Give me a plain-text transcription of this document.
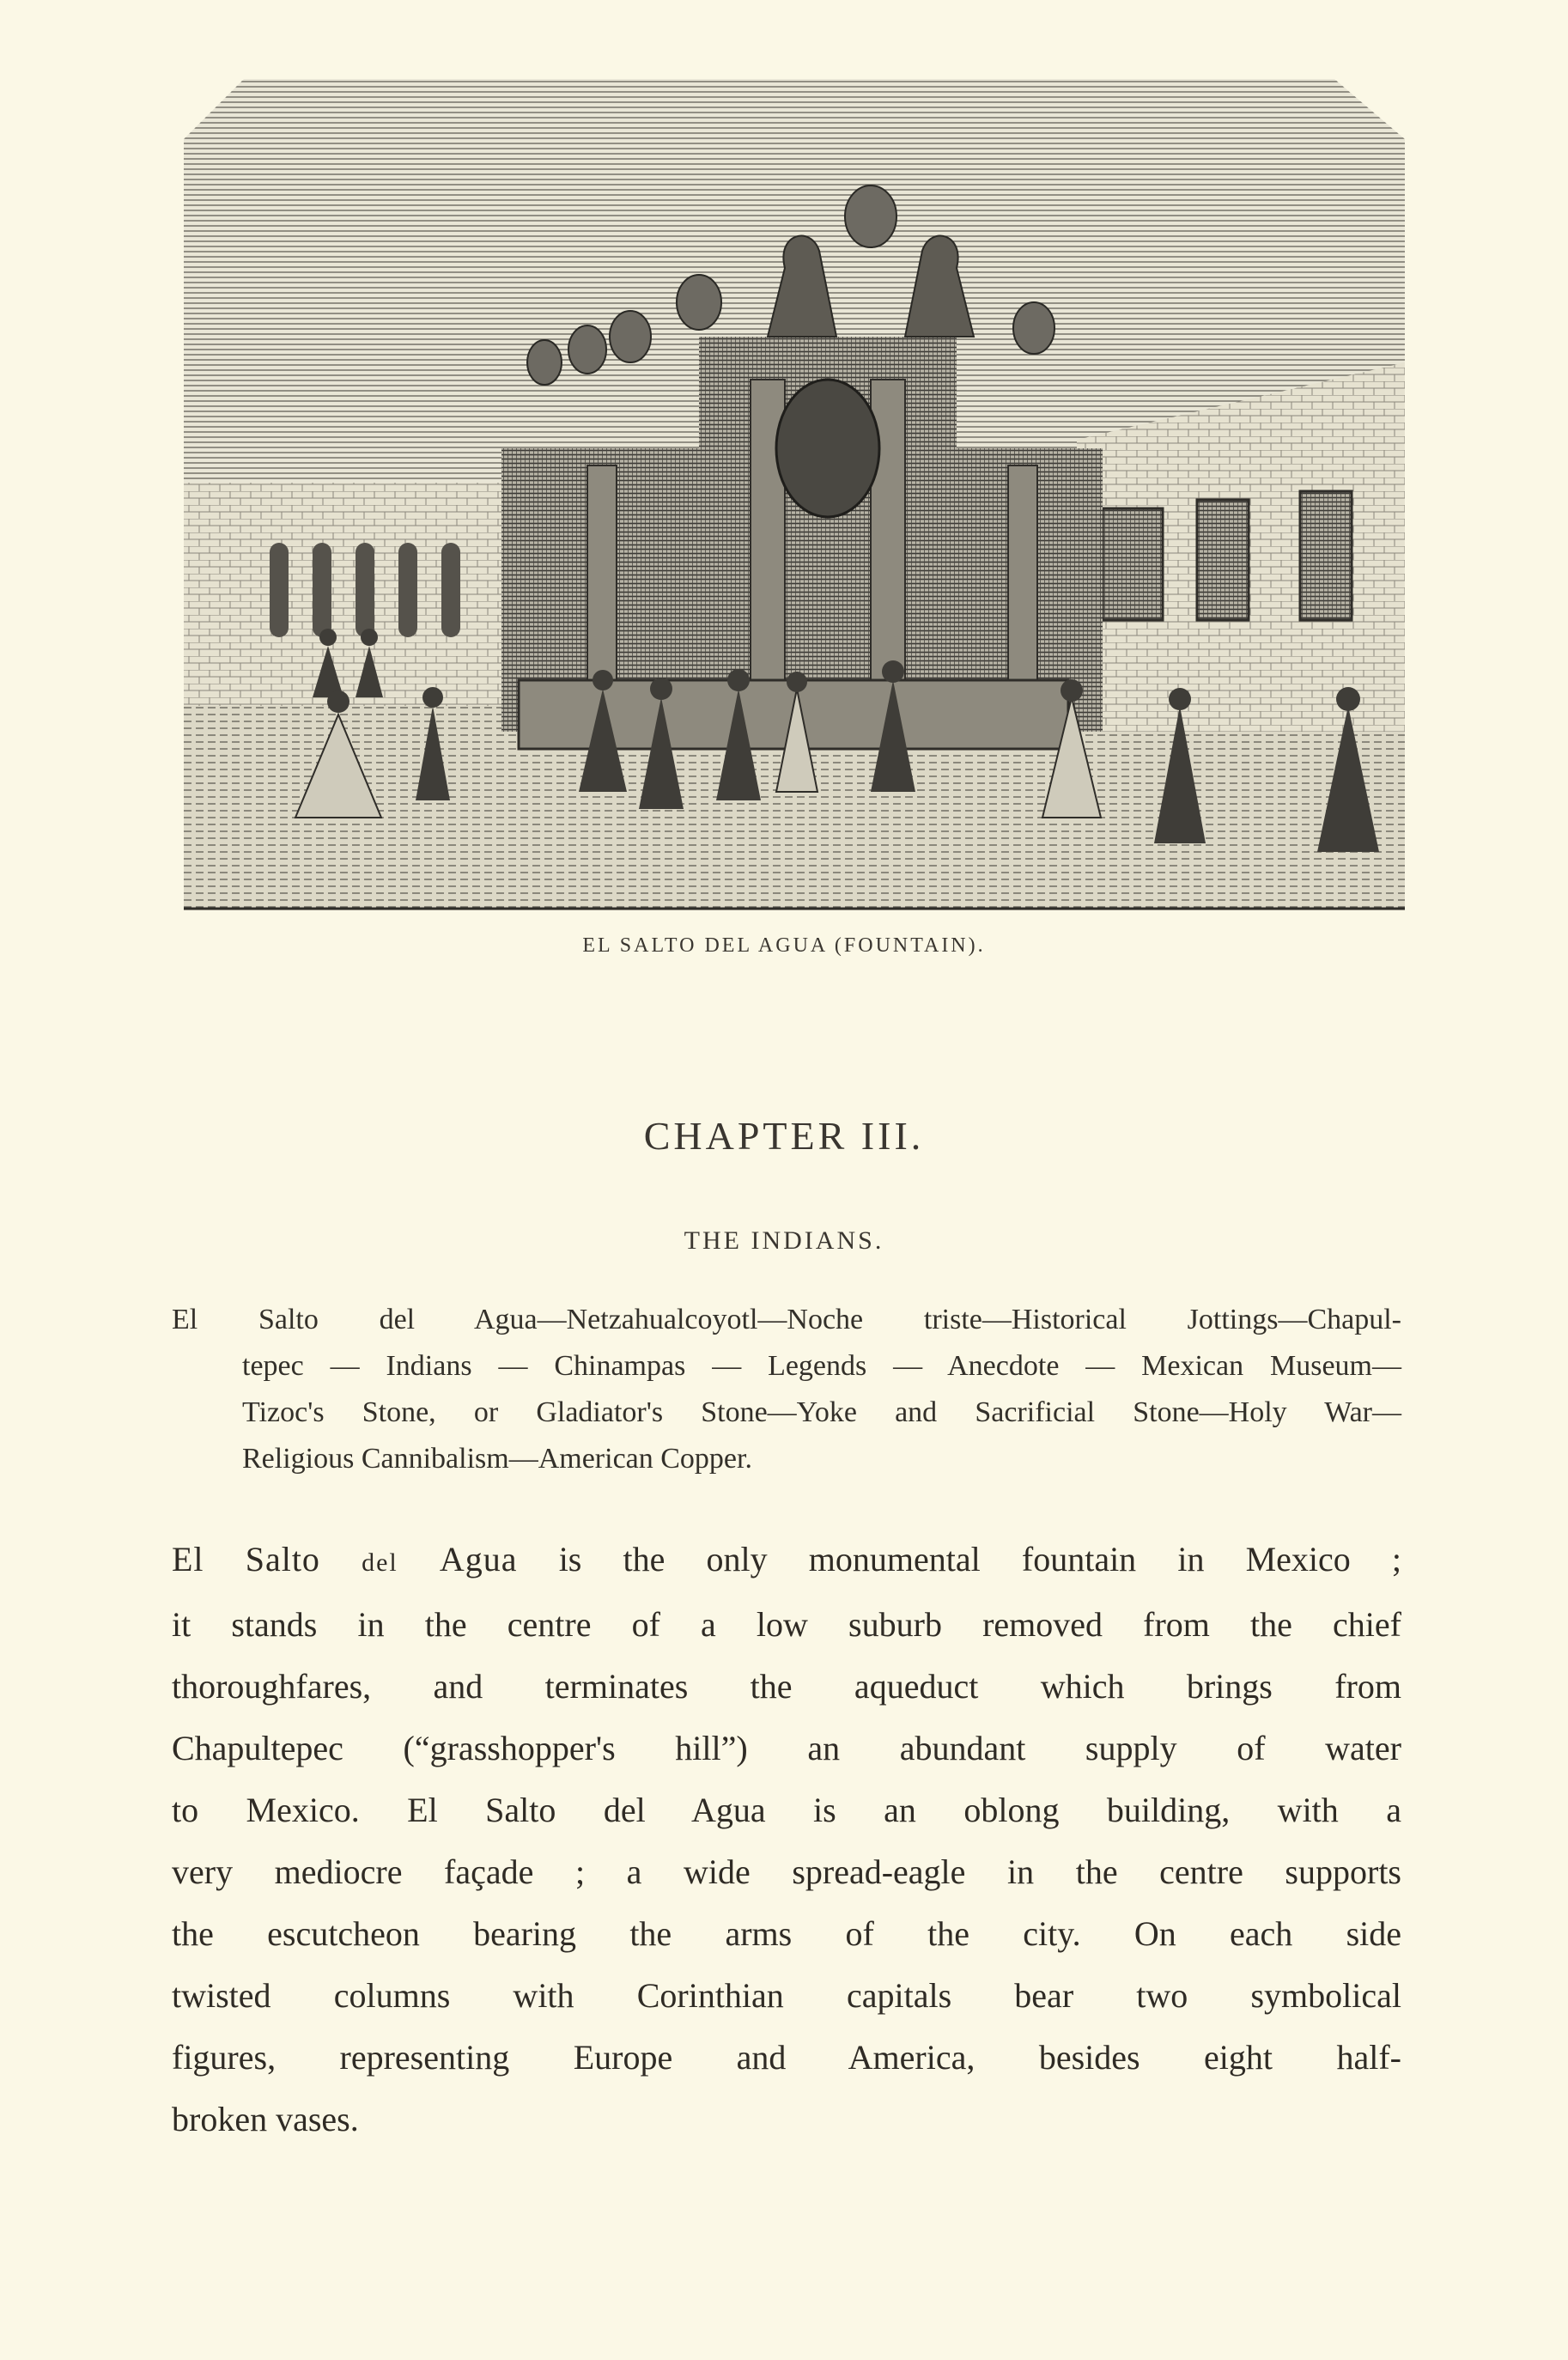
EL SALTO DEL AGUA (FOUNTAIN).
CHAPTER III.
THE INDIANS.
El Salto del Agua—Netzahualcoyotl—Noche triste—Historical Jottings—Chapul-
tepec — Indians — Chinampas — Legends — Anecdote — Mexican Museum—
Tizoc's Stone, or Gladiator's Stone—Yoke and Sacrificial Stone—Holy War—
Religious Cannibalism—American Copper.
El Salto del Agua is the only monumental fountain in Mexico ;
it stands in the centre of a low suburb removed from the chief
thoroughfares, and terminates the aqueduct which brings from
Chapultepec (“grasshopper's hill”) an abundant supply of water
to Mexico. El Salto del Agua is an oblong building, with a
very mediocre façade ; a wide spread-eagle in the centre supports
the escutcheon bearing the arms of the city. On each side
twisted columns with Corinthian capitals bear two symbolical
figures, representing Europe and America, besides eight half-
broken vases.
